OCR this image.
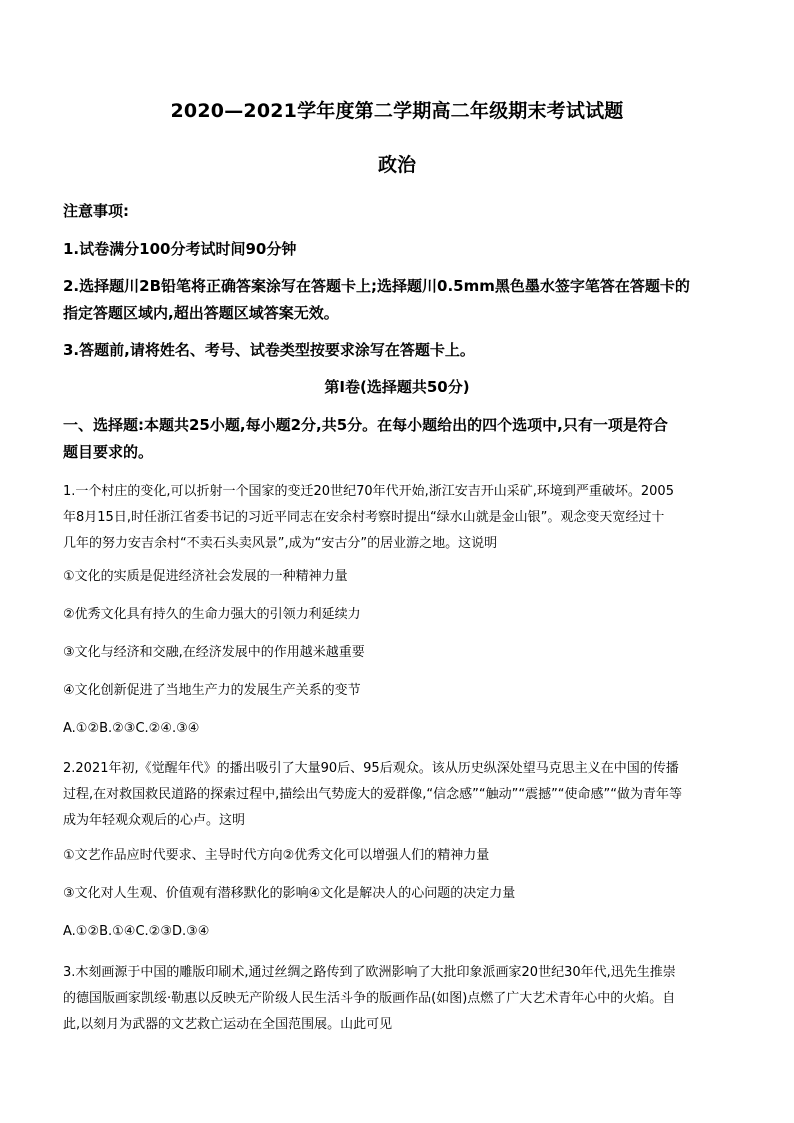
2020—2021学年度第二学期高二年级期末考试试题
政治
注意事项:
1.试卷满分100分考试时间90分钟
2.选择题川2B铅笔将正确答案涂写在答题卡上;选择题川0.5mm黑色墨水签字笔答在答题卡的
指定答题区域内,超出答题区域答案无效。
3.答题前,请将姓名、考号、试卷类型按要求涂写在答题卡上。
第Ⅰ卷(选择题共50分)
一、选择题:本题共25小题,每小题2分,共5分。在每小题给出的四个选项中,只有一项是符合
题目要求的。
1.一个村庄的变化,可以折射一个国家的变迁20世纪70年代开始,浙江安吉开山采矿,环境到严重破坏。2005
年8月15日,时任浙江省委书记的习近平同志在安余村考察时提出“绿水山就是金山银”。观念变天宽经过十
几年的努力安吉余村“不卖石头卖风景”,成为“安古分”的居业游之地。这说明
①文化的实质是促进经济社会发展的一种精神力量
②优秀文化具有持久的生命力强大的引领力利延续力
③文化与经济和交融,在经济发展中的作用越米越重要
④文化创新促进了当地生产力的发展生产关系的变节
A.①②B.②③C.②④.③④
2.2021年初,《觉醒年代》的播出吸引了大量90后、95后观众。该从历史纵深处望马克思主义在中国的传播
过程,在对救国救民道路的探索过程中,描绘出气势庞大的爱群像,“信念感”“触动”“震撼”“使命感”“做为青年等
成为年轻观众观后的心卢。这明
①文艺作品应时代要求、主导时代方向②优秀文化可以增强人们的精神力量
③文化对人生观、价值观有潜移默化的影响④文化是解决人的心问题的决定力量
A.①②B.①④C.②③D.③④
3.木刻画源于中国的雕版印刷术,通过丝绸之路传到了欧洲影响了大批印象派画家20世纪30年代,迅先生推崇
的德国版画家凯绥·勒惠以反映无产阶级人民生活斗争的版画作品(如图)点燃了广大艺术青年心中的火焰。自
此,以刻月为武器的文艺救亡运动在全国范围展。山此可见
